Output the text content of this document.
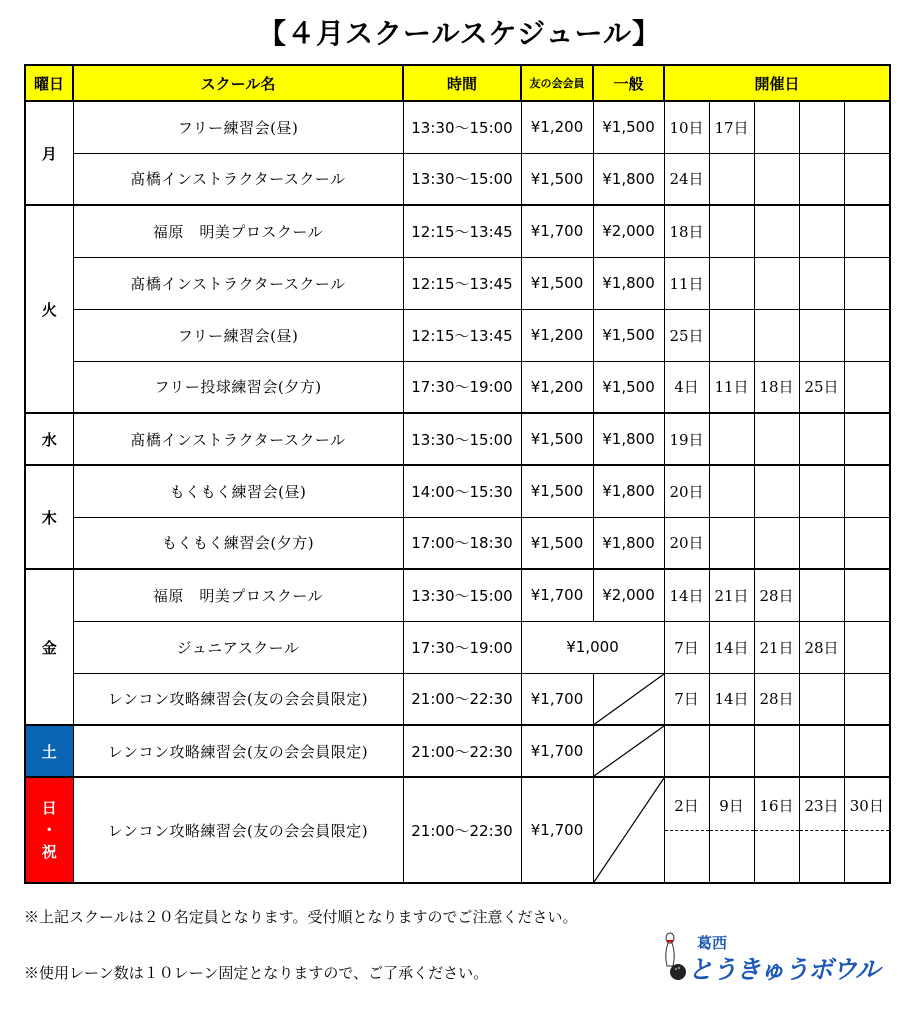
【４月スクールスケジュール】
曜日	スクール名	時間	友の会会員	一般	開催日				
月	フリー練習会(昼)	13:30～15:00	¥1,200	¥1,500	10日	17日			
	髙橋インストラクタースクール	13:30～15:00	¥1,500	¥1,800	24日				
火	福原　明美プロスクール	12:15～13:45	¥1,700	¥2,000	18日				
	髙橋インストラクタースクール	12:15～13:45	¥1,500	¥1,800	11日				
	フリー練習会(昼)	12:15～13:45	¥1,200	¥1,500	25日				
	フリー投球練習会(夕方)	17:30～19:00	¥1,200	¥1,500	4日	11日	18日	25日	
水	髙橋インストラクタースクール	13:30～15:00	¥1,500	¥1,800	19日				
木	もくもく練習会(昼)	14:00～15:30	¥1,500	¥1,800	20日				
	もくもく練習会(夕方)	17:00～18:30	¥1,500	¥1,800	20日				
金	福原　明美プロスクール	13:30～15:00	¥1,700	¥2,000	14日	21日	28日		
	ジュニアスクール	17:30～19:00	¥1,000		7日	14日	21日	28日	
	レンコン攻略練習会(友の会会員限定)	21:00～22:30	¥1,700		7日	14日	28日		
土	レンコン攻略練習会(友の会会員限定)	21:00～22:30	¥1,700	

日
・
祝	レンコン攻略練習会(友の会会員限定)	21:00～22:30	¥1,700		2日	9日	16日	23日	30日
※上記スクールは２０名定員となります。受付順となりますのでご注意ください。
※使用レーン数は１０レーン固定となりますので、ご了承ください。
葛西
とうきゅうボウル
